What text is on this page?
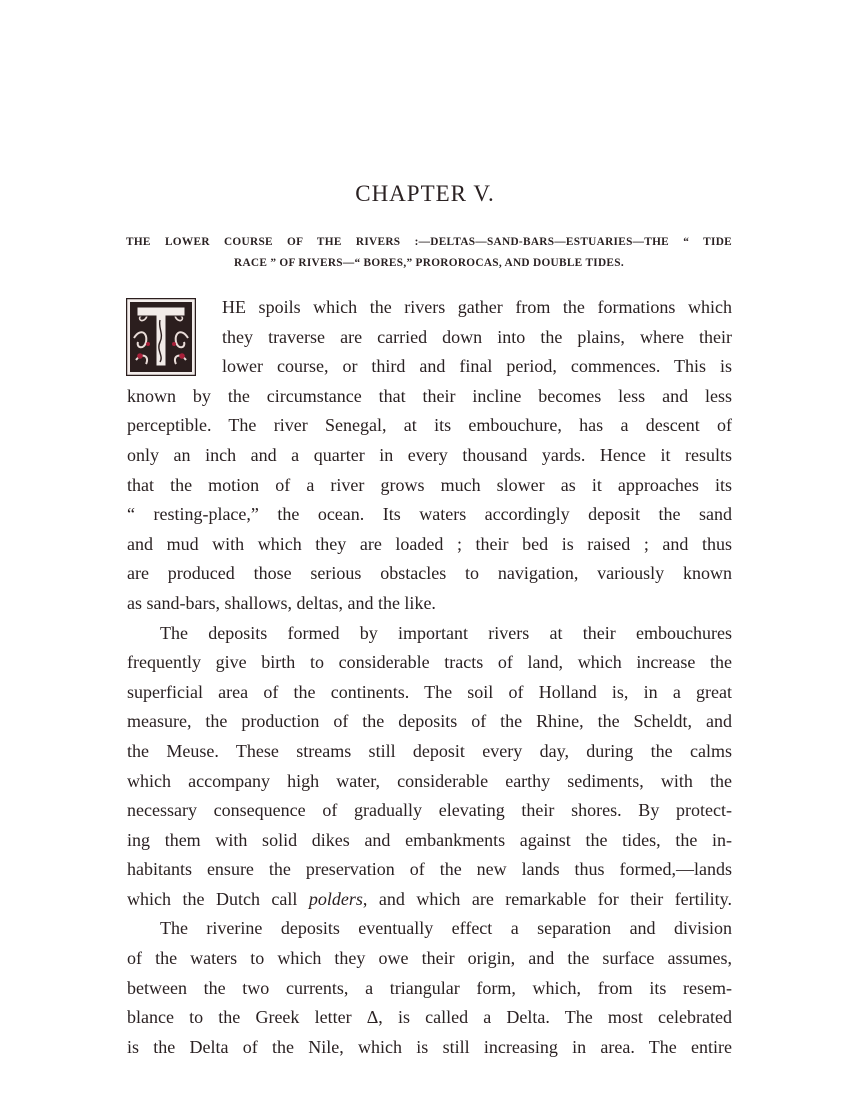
CHAPTER V.
THE LOWER COURSE OF THE RIVERS :—DELTAS—SAND-BARS—ESTUARIES—THE “ TIDE
RACE ” OF RIVERS—“ BORES,” PROROROCAS, AND DOUBLE TIDES.
HE spoils which the rivers gather from the formations which
they traverse are carried down into the plains, where their
lower course, or third and final period, commences. This is
known by the circumstance that their incline becomes less and less
perceptible. The river Senegal, at its embouchure, has a descent of
only an inch and a quarter in every thousand yards. Hence it results
that the motion of a river grows much slower as it approaches its
“ resting-place,” the ocean. Its waters accordingly deposit the sand
and mud with which they are loaded ; their bed is raised ; and thus
are produced those serious obstacles to navigation, variously known
as sand-bars, shallows, deltas, and the like.
The deposits formed by important rivers at their embouchures
frequently give birth to considerable tracts of land, which increase the
superficial area of the continents. The soil of Holland is, in a great
measure, the production of the deposits of the Rhine, the Scheldt, and
the Meuse. These streams still deposit every day, during the calms
which accompany high water, considerable earthy sediments, with the
necessary consequence of gradually elevating their shores. By protect-
ing them with solid dikes and embankments against the tides, the in-
habitants ensure the preservation of the new lands thus formed,—lands
which the Dutch call polders, and which are remarkable for their fertility.
The riverine deposits eventually effect a separation and division
of the waters to which they owe their origin, and the surface assumes,
between the two currents, a triangular form, which, from its resem-
blance to the Greek letter Δ, is called a Delta. The most celebrated
is the Delta of the Nile, which is still increasing in area. The entire
